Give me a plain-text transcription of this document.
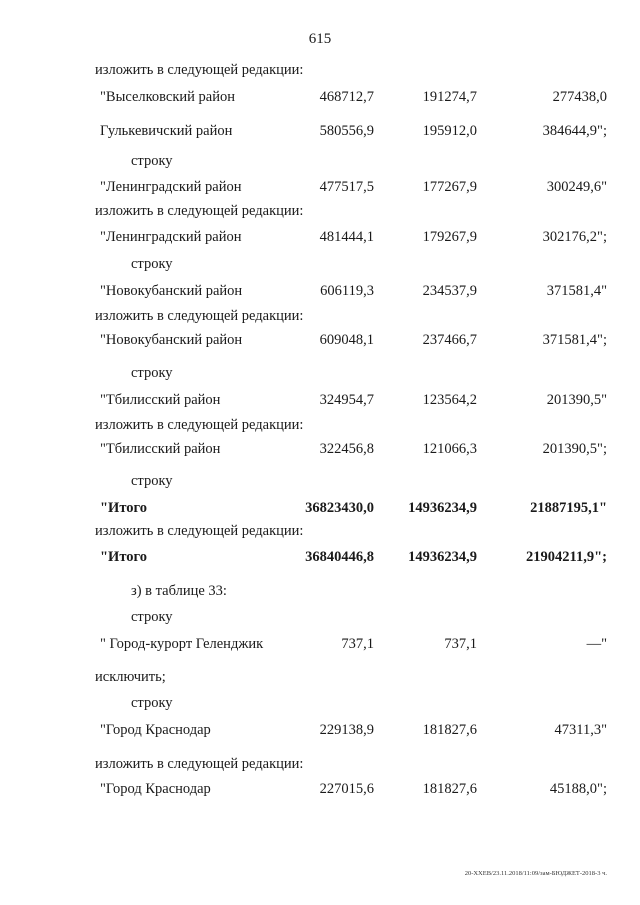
615
изложить в следующей редакции:
"Выселковский район	468712,7	191274,7	277438,0
Гулькевичский район	580556,9	195912,0	384644,9";
строку
"Ленинградский район	477517,5	177267,9	300249,6"
изложить в следующей редакции:
"Ленинградский район	481444,1	179267,9	302176,2";
строку
"Новокубанский район	606119,3	234537,9	371581,4"
изложить в следующей редакции:
"Новокубанский район	609048,1	237466,7	371581,4";
строку
"Тбилисский район	324954,7	123564,2	201390,5"
изложить в следующей редакции:
"Тбилисский район	322456,8	121066,3	201390,5";
строку
"Итого	36823430,0 14936234,9	21887195,1"
изложить в следующей редакции:
"Итого	36840446,8 14936234,9	21904211,9";
з) в таблице 33:
строку
" Город-курорт Геленджик	737,1	737,1	—"
исключить;
строку
"Город Краснодар	229138,9	181827,6	47311,3"
изложить в следующей редакции:
"Город Краснодар	227015,6	181827,6	45188,0";
20-ХХЕВ/23.11.2018/11:09/зам-БЮДЖЕТ-2018-3 ч.
